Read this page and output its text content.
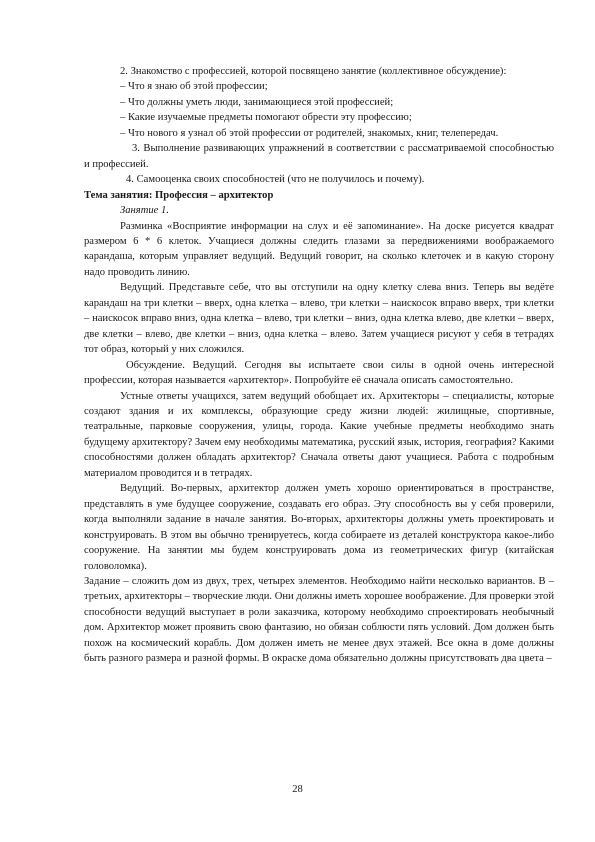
2. Знакомство с профессией, которой посвящено занятие (коллективное обсуждение):

– Что я знаю об этой профессии;

– Что должны уметь люди, занимающиеся этой профессией;

– Какие изучаемые предметы помогают обрести эту профессию;

– Что нового я узнал об этой профессии от родителей, знакомых, книг, телепередач.

3. Выполнение развивающих упражнений в соответствии с рассматриваемой способностью и профессией.

4. Самооценка своих способностей (что не получилось и почему).

Тема занятия: Профессия – архитектор

Занятие 1.

Разминка «Восприятие информации на слух и её запоминание». На доске рисуется квадрат размером 6 * 6 клеток. Учащиеся должны следить глазами за передвижениями воображаемого карандаша, которым управляет ведущий. Ведущий говорит, на сколько клеточек и в какую сторону надо проводить линию.

Ведущий. Представьте себе, что вы отступили на одну клетку слева вниз. Теперь вы ведёте карандаш на три клетки – вверх, одна клетка – влево, три клетки – наискосок вправо вверх, три клетки – наискосок вправо вниз, одна клетка – влево, три клетки – вниз, одна клетка влево, две клетки – вверх, две клетки – влево, две клетки – вниз, одна клетка – влево. Затем учащиеся рисуют у себя в тетрадях тот образ, который у них сложился.

Обсуждение. Ведущий. Сегодня вы испытаете свои силы в одной очень интересной профессии, которая называется «архитектор». Попробуйте её сначала описать самостоятельно.

Устные ответы учащихся, затем ведущий обобщает их. Архитекторы – специалисты, которые создают здания и их комплексы, образующие среду жизни людей: жилищные, спортивные, театральные, парковые сооружения, улицы, города. Какие учебные предметы необходимо знать будущему архитектору? Зачем ему необходимы математика, русский язык, история, география? Какими способностями должен обладать архитектор? Сначала ответы дают учащиеся. Работа с подробным материалом проводится и в тетрадях.

Ведущий. Во-первых, архитектор должен уметь хорошо ориентироваться в пространстве, представлять в уме будущее сооружение, создавать его образ. Эту способность вы у себя проверили, когда выполняли задание в начале занятия. Во-вторых, архитекторы должны уметь проектировать и конструировать. В этом вы обычно тренируетесь, когда собираете из деталей конструктора какое-либо сооружение. На занятии мы будем конструировать дома из геометрических фигур (китайская головоломка).

Задание – сложить дом из двух, трех, четырех элементов. Необходимо найти несколько вариантов. В – третьих, архитекторы – творческие люди. Они должны иметь хорошее воображение. Для проверки этой способности ведущий выступает в роли заказчика, которому необходимо спроектировать необычный дом. Архитектор может проявить свою фантазию, но обязан соблюсти пять условий. Дом должен быть похож на космический корабль. Дом должен иметь не менее двух этажей. Все окна в доме должны быть разного размера и разной формы. В окраске дома обязательно должны присутствовать два цвета –

28
